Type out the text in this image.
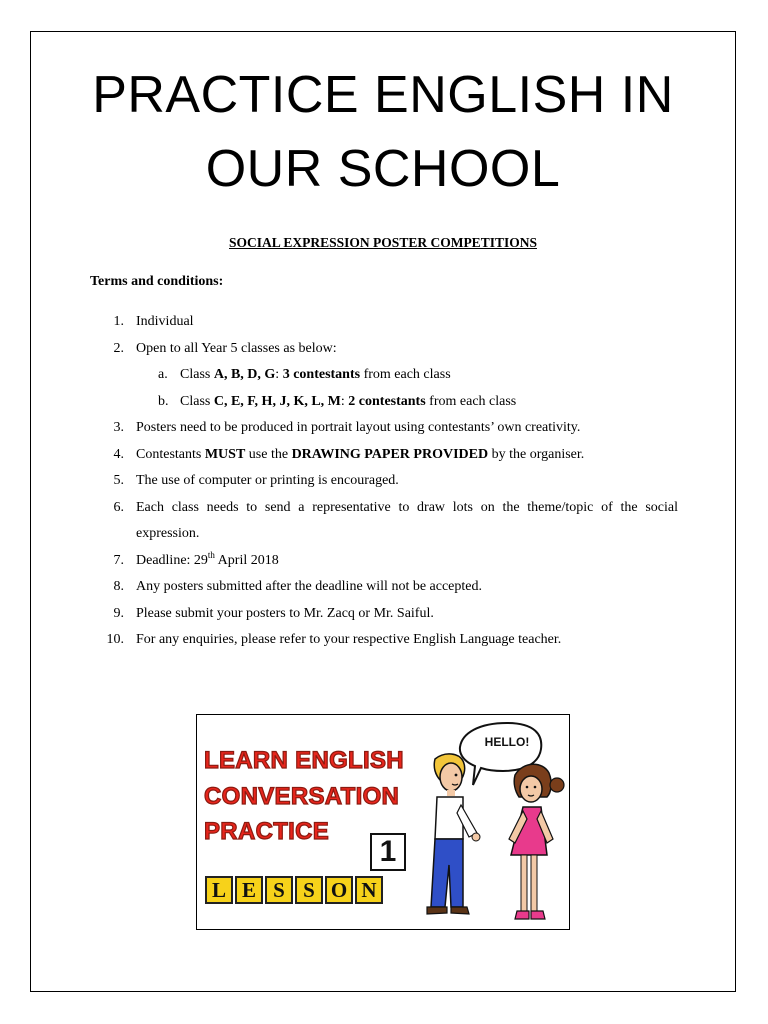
PRACTICE ENGLISH IN
OUR SCHOOL
SOCIAL EXPRESSION POSTER COMPETITIONS
Terms and conditions:
1. Individual
2. Open to all Year 5 classes as below:
a. Class A, B, D, G: 3 contestants from each class
b. Class C, E, F, H, J, K, L, M: 2 contestants from each class
3. Posters need to be produced in portrait layout using contestants’ own creativity.
4. Contestants MUST use the DRAWING PAPER PROVIDED by the organiser.
5. The use of computer or printing is encouraged.
6. Each class needs to send a representative to draw lots on the theme/topic of the social expression.
7. Deadline: 29th April 2018
8. Any posters submitted after the deadline will not be accepted.
9. Please submit your posters to Mr. Zacq or Mr. Saiful.
10. For any enquiries, please refer to your respective English Language teacher.
HELLO!
LEARN ENGLISH
CONVERSATION
PRACTICE
1
L E S S O N
